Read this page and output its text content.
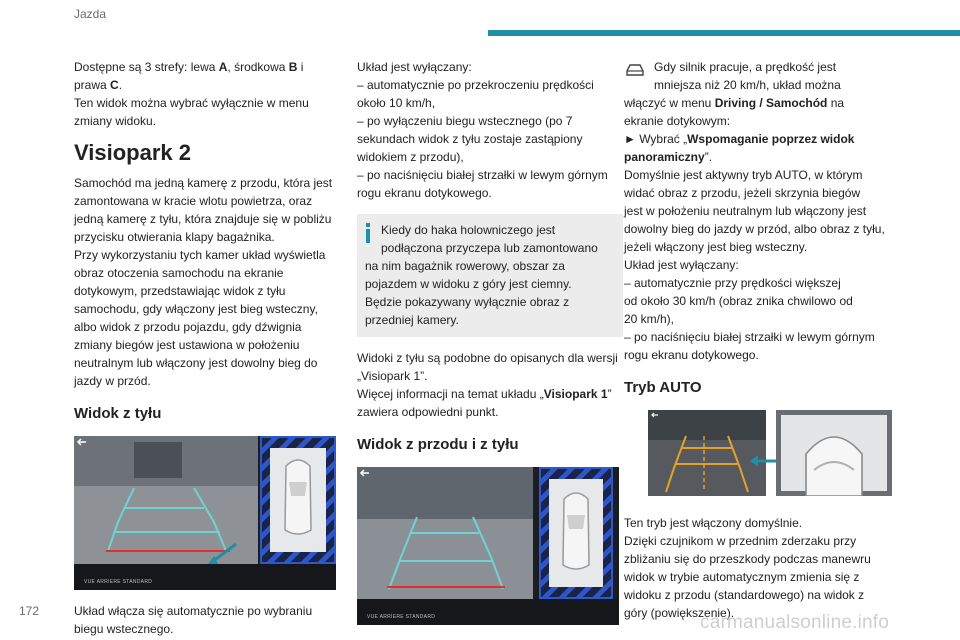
Jazda
172

Dostępne są 3 strefy: lewa A, środkowa B i

prawa C.

Ten widok można wybrać wyłącznie w menu

zmiany widoku.

Visiopark 2

Samochód ma jedną kamerę z przodu, która jest

zamontowana w kracie wlotu powietrza, oraz

jedną kamerę z tyłu, która znajduje się w pobliżu

przycisku otwierania klapy bagażnika.

Przy wykorzystaniu tych kamer układ wyświetla

obraz otoczenia samochodu na ekranie

dotykowym, przedstawiając widok z tyłu

samochodu, gdy włączony jest bieg wsteczny,

albo widok z przodu pojazdu, gdy dźwignia

zmiany biegów jest ustawiona w położeniu

neutralnym lub włączony jest dowolny bieg do

jazdy w przód.

Widok z tyłu
VUE ARRIERE STANDARD

Układ włącza się automatycznie po wybraniu

biegu wstecznego.

Układ jest wyłączany:

– automatycznie po przekroczeniu prędkości

około 10 km/h,

– po wyłączeniu biegu wstecznego (po 7

sekundach widok z tyłu zostaje zastąpiony

widokiem z przodu),

– po naciśnięciu białej strzałki w lewym górnym

rogu ekranu dotykowego.

Kiedy do haka holowniczego jest

podłączona przyczepa lub zamontowano

na nim bagażnik rowerowy, obszar za

pojazdem w widoku z góry jest ciemny.

Będzie pokazywany wyłącznie obraz z

przedniej kamery.

Widoki z tyłu są podobne do opisanych dla wersji

„Visiopark 1”.

Więcej informacji na temat układu „Visiopark 1”

zawiera odpowiedni punkt.

Widok z przodu i z tyłu
VUE ARRIERE STANDARD

Gdy silnik pracuje, a prędkość jest

mniejsza niż 20 km/h, układ można

włączyć w menu Driving / Samochód na

ekranie dotykowym:

► Wybrać „Wspomaganie poprzez widok

panoramiczny”.

Domyślnie jest aktywny tryb AUTO, w którym

widać obraz z przodu, jeżeli skrzynia biegów

jest w położeniu neutralnym lub włączony jest

dowolny bieg do jazdy w przód, albo obraz z tyłu,

jeżeli włączony jest bieg wsteczny.

Układ jest wyłączany:

– automatycznie przy prędkości większej

od około 30 km/h (obraz znika chwilowo od

20 km/h),

– po naciśnięciu białej strzałki w lewym górnym

rogu ekranu dotykowego.

Tryb AUTO

Ten tryb jest włączony domyślnie.

Dzięki czujnikom w przednim zderzaku przy

zbliżaniu się do przeszkody podczas manewru

widok w trybie automatycznym zmienia się z

widoku z przodu (standardowego) na widok z

góry (powiększenie).

carmanualsonline.info
